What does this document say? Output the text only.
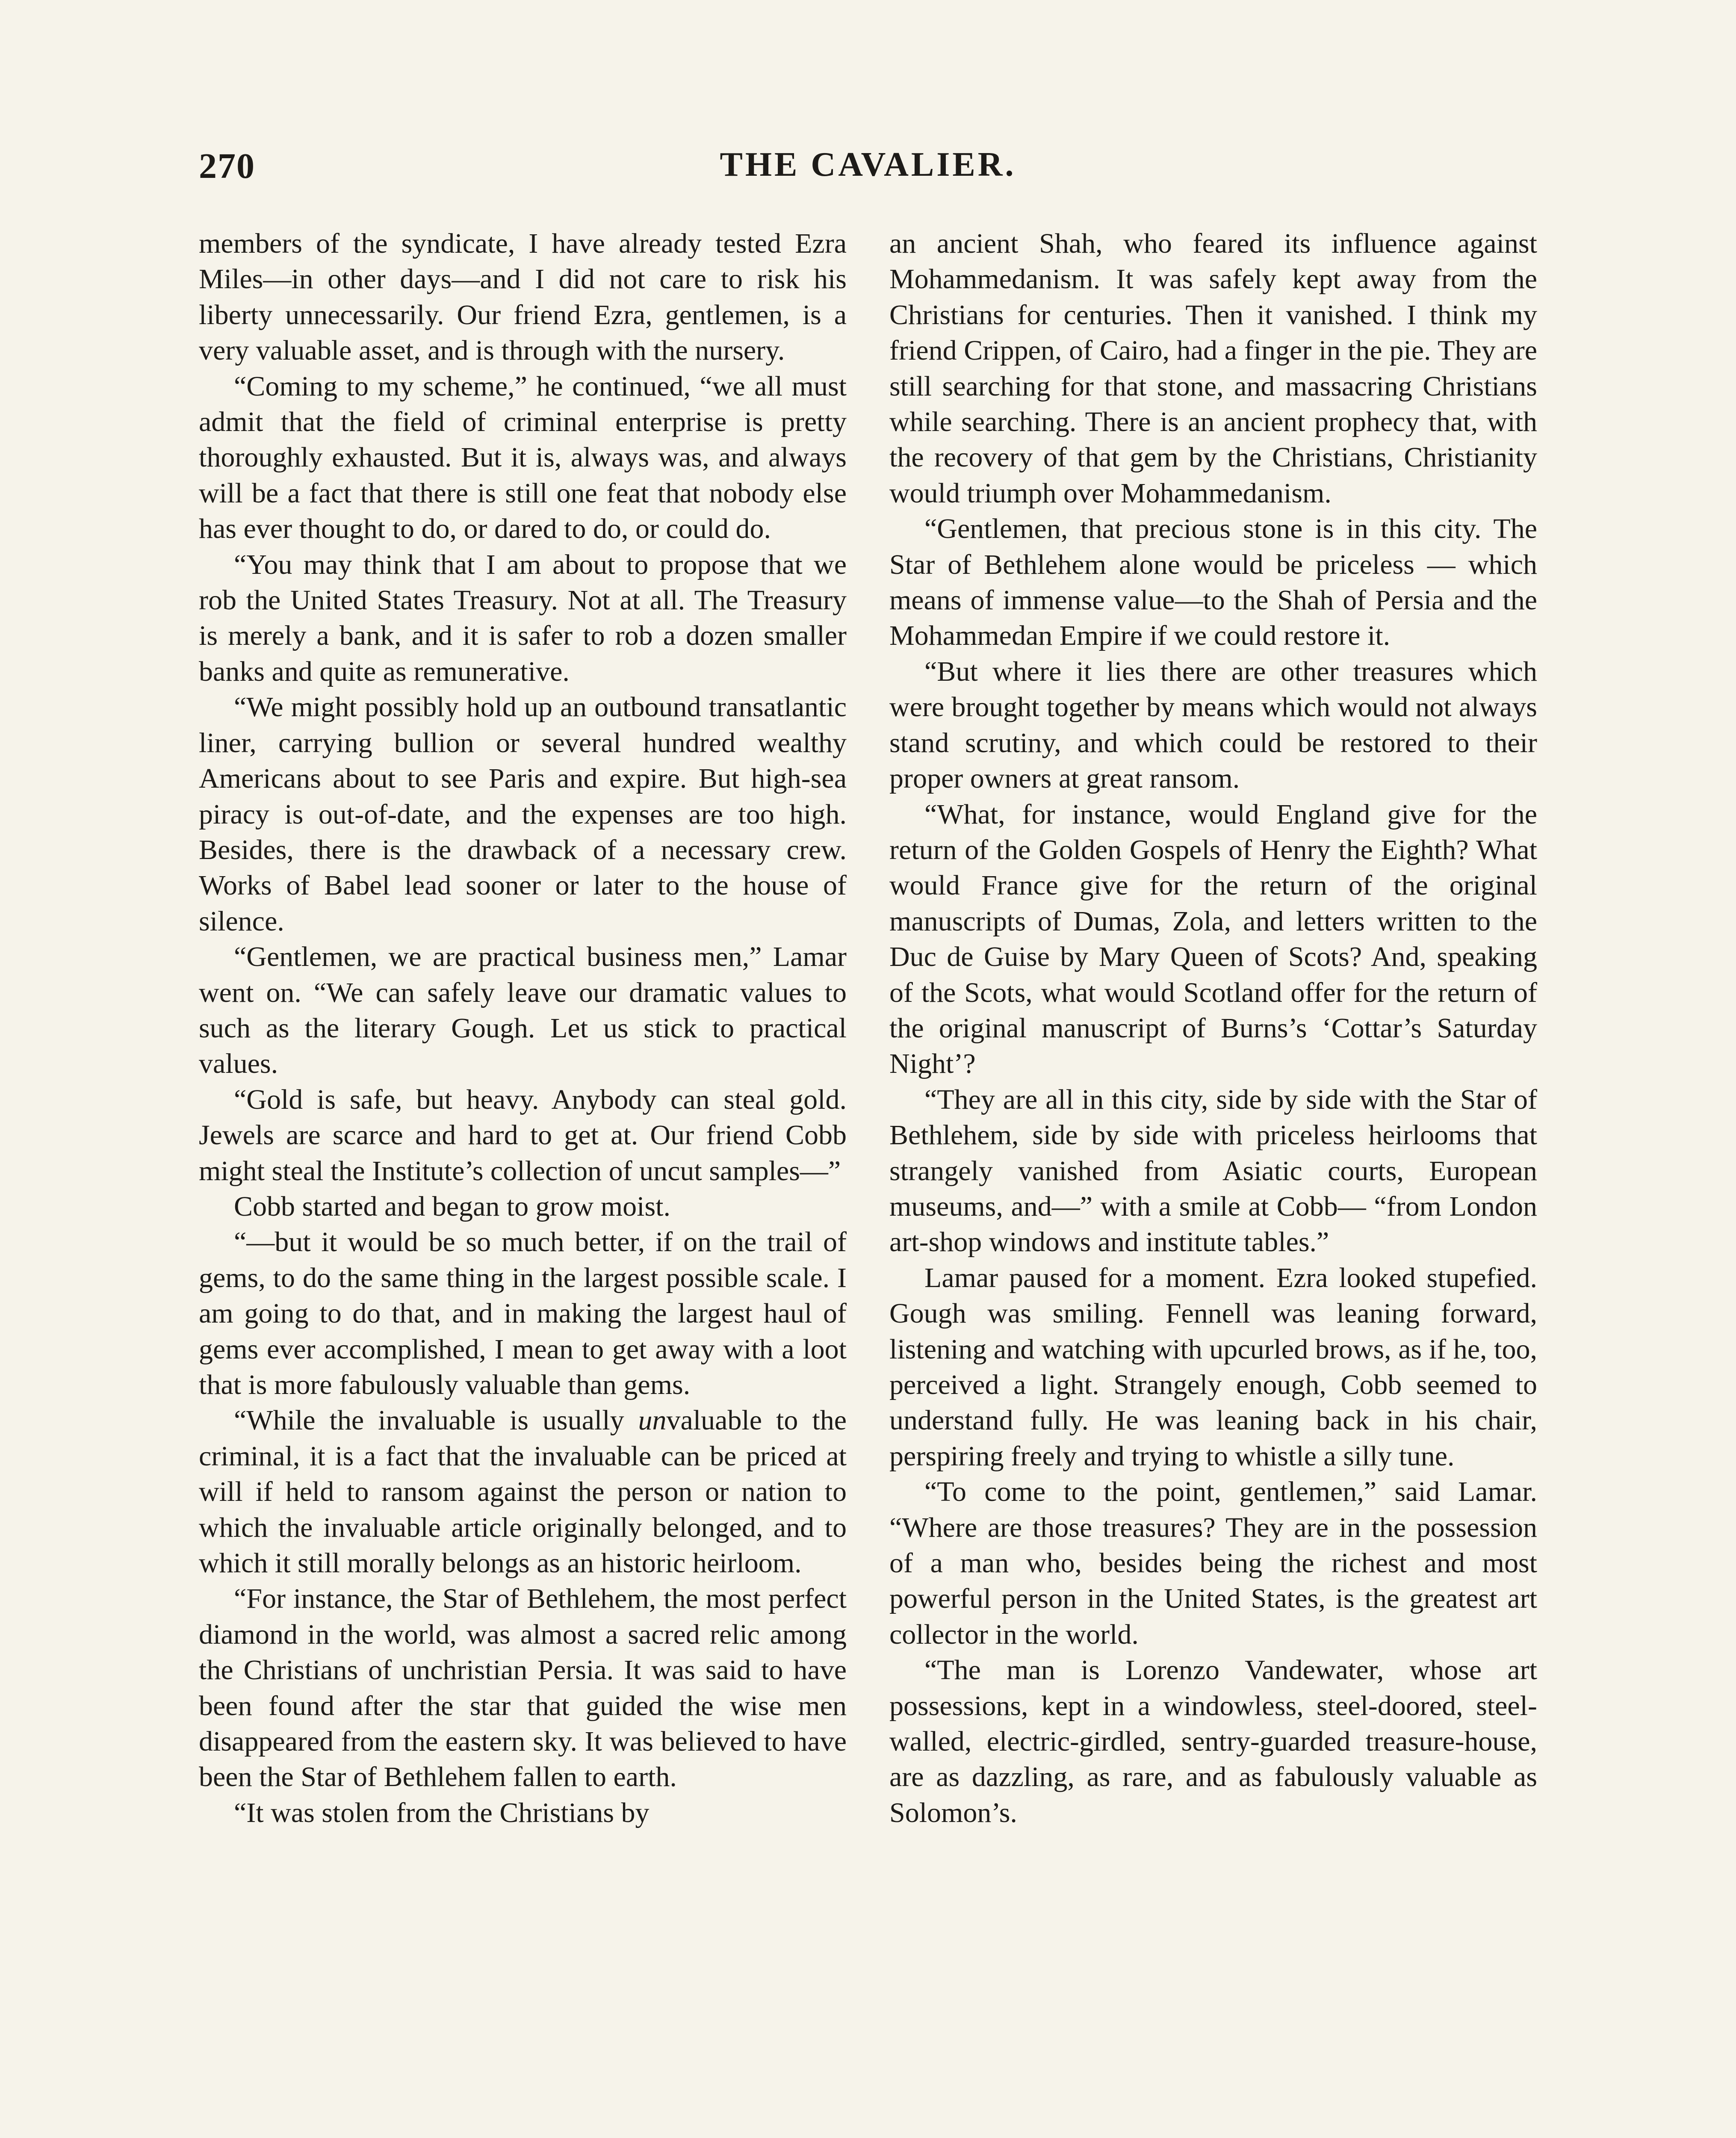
270	THE CAVALIER.

members of the syndicate, I have already tested Ezra Miles—in other days—and I did not care to risk his liberty unnecessarily. Our friend Ezra, gentlemen, is a very valuable asset, and is through with the nursery.

“Coming to my scheme,” he continued, “we all must admit that the field of criminal enterprise is pretty thoroughly exhausted. But it is, always was, and always will be a fact that there is still one feat that nobody else has ever thought to do, or dared to do, or could do.

“You may think that I am about to propose that we rob the United States Treasury. Not at all. The Treasury is merely a bank, and it is safer to rob a dozen smaller banks and quite as remunerative.

“We might possibly hold up an outbound transatlantic liner, carrying bullion or several hundred wealthy Americans about to see Paris and expire. But high-sea piracy is out-of-date, and the expenses are too high. Besides, there is the drawback of a necessary crew. Works of Babel lead sooner or later to the house of silence.

“Gentlemen, we are practical business men,” Lamar went on. “We can safely leave our dramatic values to such as the literary Gough. Let us stick to practical values.

“Gold is safe, but heavy. Anybody can steal gold. Jewels are scarce and hard to get at. Our friend Cobb might steal the Institute’s collection of uncut samples—”

Cobb started and began to grow moist.

“—but it would be so much better, if on the trail of gems, to do the same thing in the largest possible scale. I am going to do that, and in making the largest haul of gems ever accomplished, I mean to get away with a loot that is more fabulously valuable than gems.

“While the invaluable is usually unvaluable to the criminal, it is a fact that the invaluable can be priced at will if held to ransom against the person or nation to which the invaluable article originally belonged, and to which it still morally belongs as an historic heirloom.

“For instance, the Star of Bethlehem, the most perfect diamond in the world, was almost a sacred relic among the Christians of unchristian Persia. It was said to have been found after the star that guided the wise men disappeared from the eastern sky. It was believed to have been the Star of Bethlehem fallen to earth.

“It was stolen from the Christians by

an ancient Shah, who feared its influence against Mohammedanism. It was safely kept away from the Christians for centuries. Then it vanished. I think my friend Crippen, of Cairo, had a finger in the pie. They are still searching for that stone, and massacring Christians while searching. There is an ancient prophecy that, with the recovery of that gem by the Christians, Christianity would triumph over Mohammedanism.

“Gentlemen, that precious stone is in this city. The Star of Bethlehem alone would be priceless — which means of immense value—to the Shah of Persia and the Mohammedan Empire if we could restore it.

“But where it lies there are other treasures which were brought together by means which would not always stand scrutiny, and which could be restored to their proper owners at great ransom.

“What, for instance, would England give for the return of the Golden Gospels of Henry the Eighth? What would France give for the return of the original manuscripts of Dumas, Zola, and letters written to the Duc de Guise by Mary Queen of Scots? And, speaking of the Scots, what would Scotland offer for the return of the original manuscript of Burns’s ‘Cottar’s Saturday Night’?

“They are all in this city, side by side with the Star of Bethlehem, side by side with priceless heirlooms that strangely vanished from Asiatic courts, European museums, and—” with a smile at Cobb— “from London art-shop windows and institute tables.”

Lamar paused for a moment. Ezra looked stupefied. Gough was smiling. Fennell was leaning forward, listening and watching with upcurled brows, as if he, too, perceived a light. Strangely enough, Cobb seemed to understand fully. He was leaning back in his chair, perspiring freely and trying to whistle a silly tune.

“To come to the point, gentlemen,” said Lamar. “Where are those treasures? They are in the possession of a man who, besides being the richest and most powerful person in the United States, is the greatest art collector in the world.

“The man is Lorenzo Vandewater, whose art possessions, kept in a windowless, steel-doored, steel-walled, electric-girdled, sentry-guarded treasure-house, are as dazzling, as rare, and as fabulously valuable as Solomon’s.
